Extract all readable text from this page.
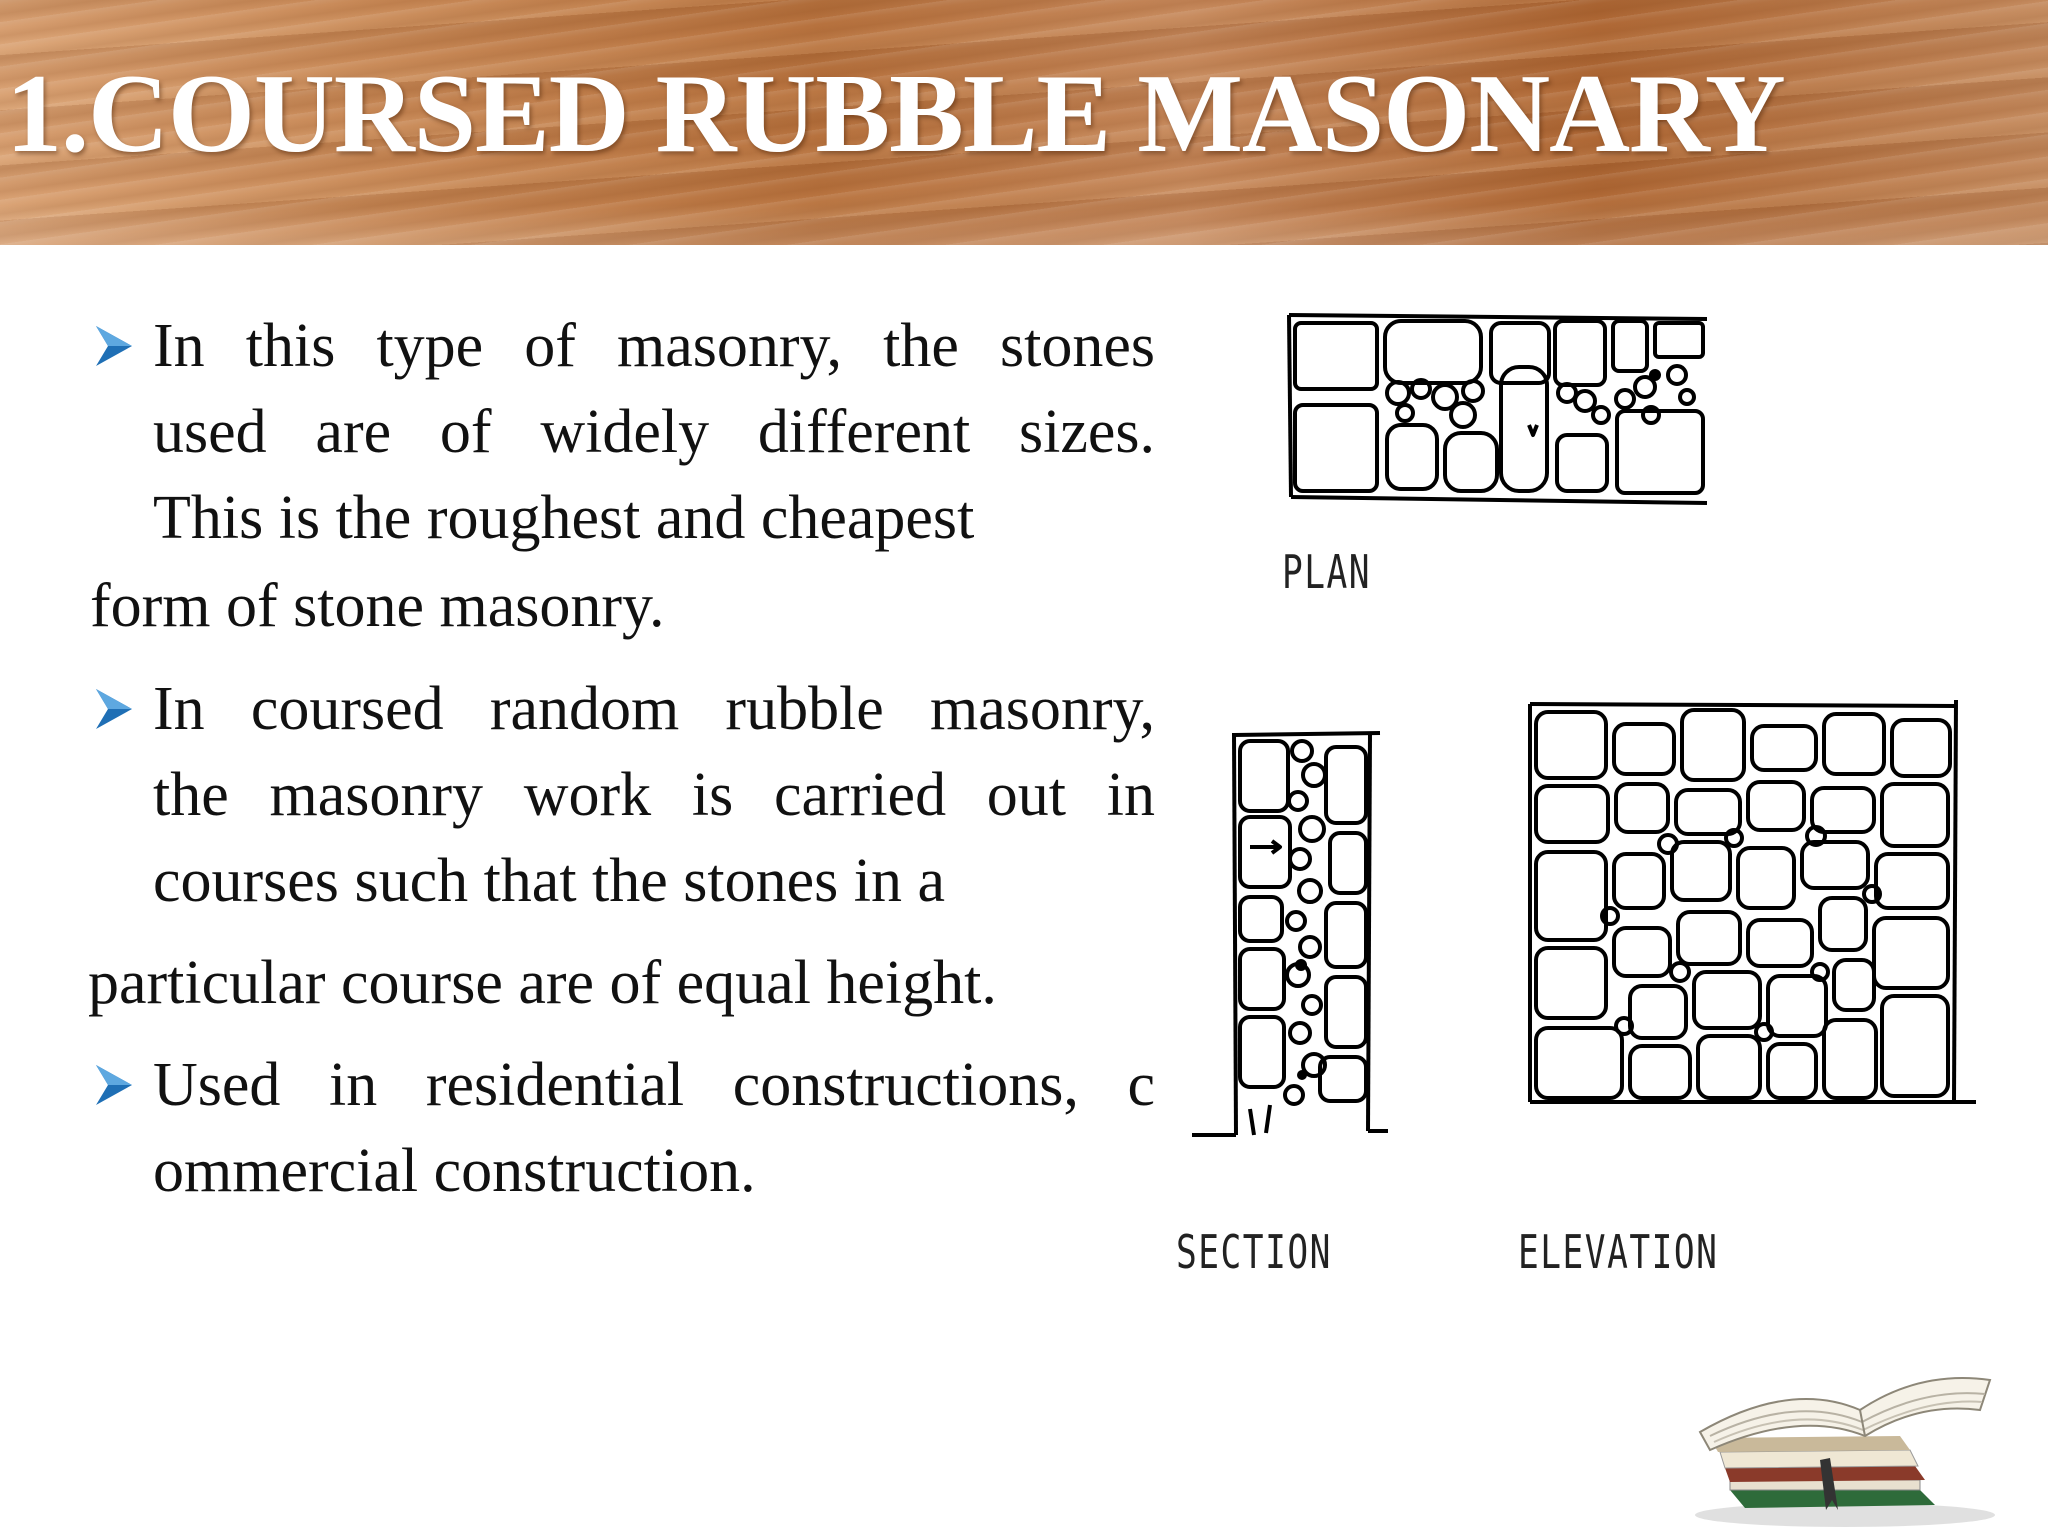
1.COURSED RUBBLE MASONARY
In this type of masonry, the stones
used are of widely different sizes.
This is the roughest and cheapest
form of stone masonry.
In coursed random rubble masonry,
the masonry work is carried out in
courses such that the stones in a
particular course are of equal height.
Used in residential constructions, c
ommercial construction.
PLAN
SECTION	ELEVATION
